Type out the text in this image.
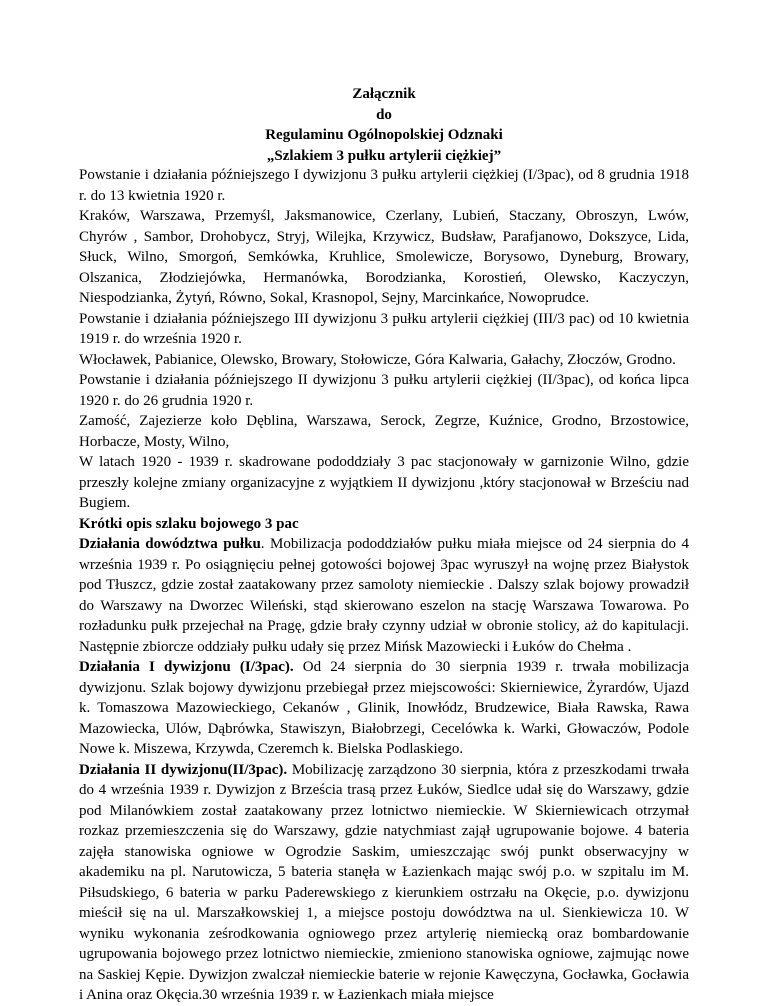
Załącznik
do
Regulaminu Ogólnopolskiej Odznaki
„Szlakiem 3 pułku artylerii ciężkiej”

Powstanie i działania późniejszego I dywizjonu 3 pułku artylerii ciężkiej (I/3pac), od 8 grudnia 1918 r. do 13 kwietnia 1920 r.

Kraków, Warszawa, Przemyśl, Jaksmanowice, Czerlany, Lubień, Staczany, Obroszyn, Lwów, Chyrów , Sambor, Drohobycz, Stryj, Wilejka, Krzywicz, Budsław, Parafjanowo, Dokszyce, Lida, Słuck, Wilno, Smorgoń, Semkówka, Kruhlice, Smolewicze, Borysowo, Dyneburg, Browary, Olszanica, Złodziejówka, Hermanówka, Borodzianka, Korostień, Olewsko, Kaczyczyn, Niespodzianka, Żytyń, Równo, Sokal, Krasnopol, Sejny, Marcinkańce, Nowoprudce.

Powstanie i działania późniejszego III dywizjonu 3 pułku artylerii ciężkiej (III/3 pac) od 10 kwietnia 1919 r. do września 1920 r.

Włocławek, Pabianice, Olewsko, Browary, Stołowicze, Góra Kalwaria, Gałachy, Złoczów, Grodno.

Powstanie i działania późniejszego II dywizjonu 3 pułku artylerii ciężkiej (II/3pac), od końca lipca 1920 r. do 26 grudnia 1920 r.

Zamość, Zajezierze koło Dęblina, Warszawa, Serock, Zegrze, Kuźnice, Grodno, Brzostowice, Horbacze, Mosty, Wilno,

W latach 1920 - 1939 r. skadrowane pododdziały 3 pac stacjonowały w garnizonie Wilno, gdzie przeszły kolejne zmiany organizacyjne z wyjątkiem II dywizjonu ,który stacjonował w Brześciu nad Bugiem.

Krótki opis szlaku bojowego 3 pac

Działania dowództwa pułku. Mobilizacja pododdziałów pułku miała miejsce od 24 sierpnia do 4 września 1939 r. Po osiągnięciu pełnej gotowości bojowej 3pac wyruszył na wojnę przez Białystok pod Tłuszcz, gdzie został zaatakowany przez samoloty niemieckie . Dalszy szlak bojowy prowadził do Warszawy na Dworzec Wileński, stąd skierowano eszelon na stację Warszawa Towarowa. Po rozładunku pułk przejechał na Pragę, gdzie brały czynny udział w obronie stolicy, aż do kapitulacji. Następnie zbiorcze oddziały pułku udały się przez Mińsk Mazowiecki i Łuków do Chełma .

Działania I dywizjonu (I/3pac). Od 24 sierpnia do 30 sierpnia 1939 r. trwała mobilizacja dywizjonu. Szlak bojowy dywizjonu przebiegał przez miejscowości: Skierniewice, Żyrardów, Ujazd k. Tomaszowa Mazowieckiego, Cekanów , Glinik, Inowłódz, Brudzewice, Biała Rawska, Rawa Mazowiecka, Ulów, Dąbrówka, Stawiszyn, Białobrzegi, Cecelówka k. Warki, Głowaczów, Podole Nowe k. Miszewa, Krzywda, Czeremch k. Bielska Podlaskiego.

Działania II dywizjonu(II/3pac). Mobilizację zarządzono 30 sierpnia, która z przeszkodami trwała do 4 września 1939 r. Dywizjon z Brześcia trasą przez Łuków, Siedlce udał się do Warszawy, gdzie pod Milanówkiem został zaatakowany przez lotnictwo niemieckie. W Skierniewicach otrzymał rozkaz przemieszczenia się do Warszawy, gdzie natychmiast zajął ugrupowanie bojowe. 4 bateria zajęła stanowiska ogniowe w Ogrodzie Saskim, umieszczając swój punkt obserwacyjny w akademiku na pl. Narutowicza, 5 bateria stanęła w Łazienkach mając swój p.o. w szpitalu im M. Piłsudskiego, 6 bateria w parku Paderewskiego z kierunkiem ostrzału na Okęcie, p.o. dywizjonu mieścił się na ul. Marszałkowskiej 1, a miejsce postoju dowództwa na ul. Sienkiewicza 10. W wyniku wykonania ześrodkowania ogniowego przez artylerię niemiecką oraz bombardowanie ugrupowania bojowego przez lotnictwo niemieckie, zmieniono stanowiska ogniowe, zajmując nowe na Saskiej Kępie. Dywizjon zwalczał niemieckie baterie w rejonie Kawęczyna, Gocławka, Gocławia i Anina oraz Okęcia.30 września 1939 r. w Łazienkach miała miejsce
